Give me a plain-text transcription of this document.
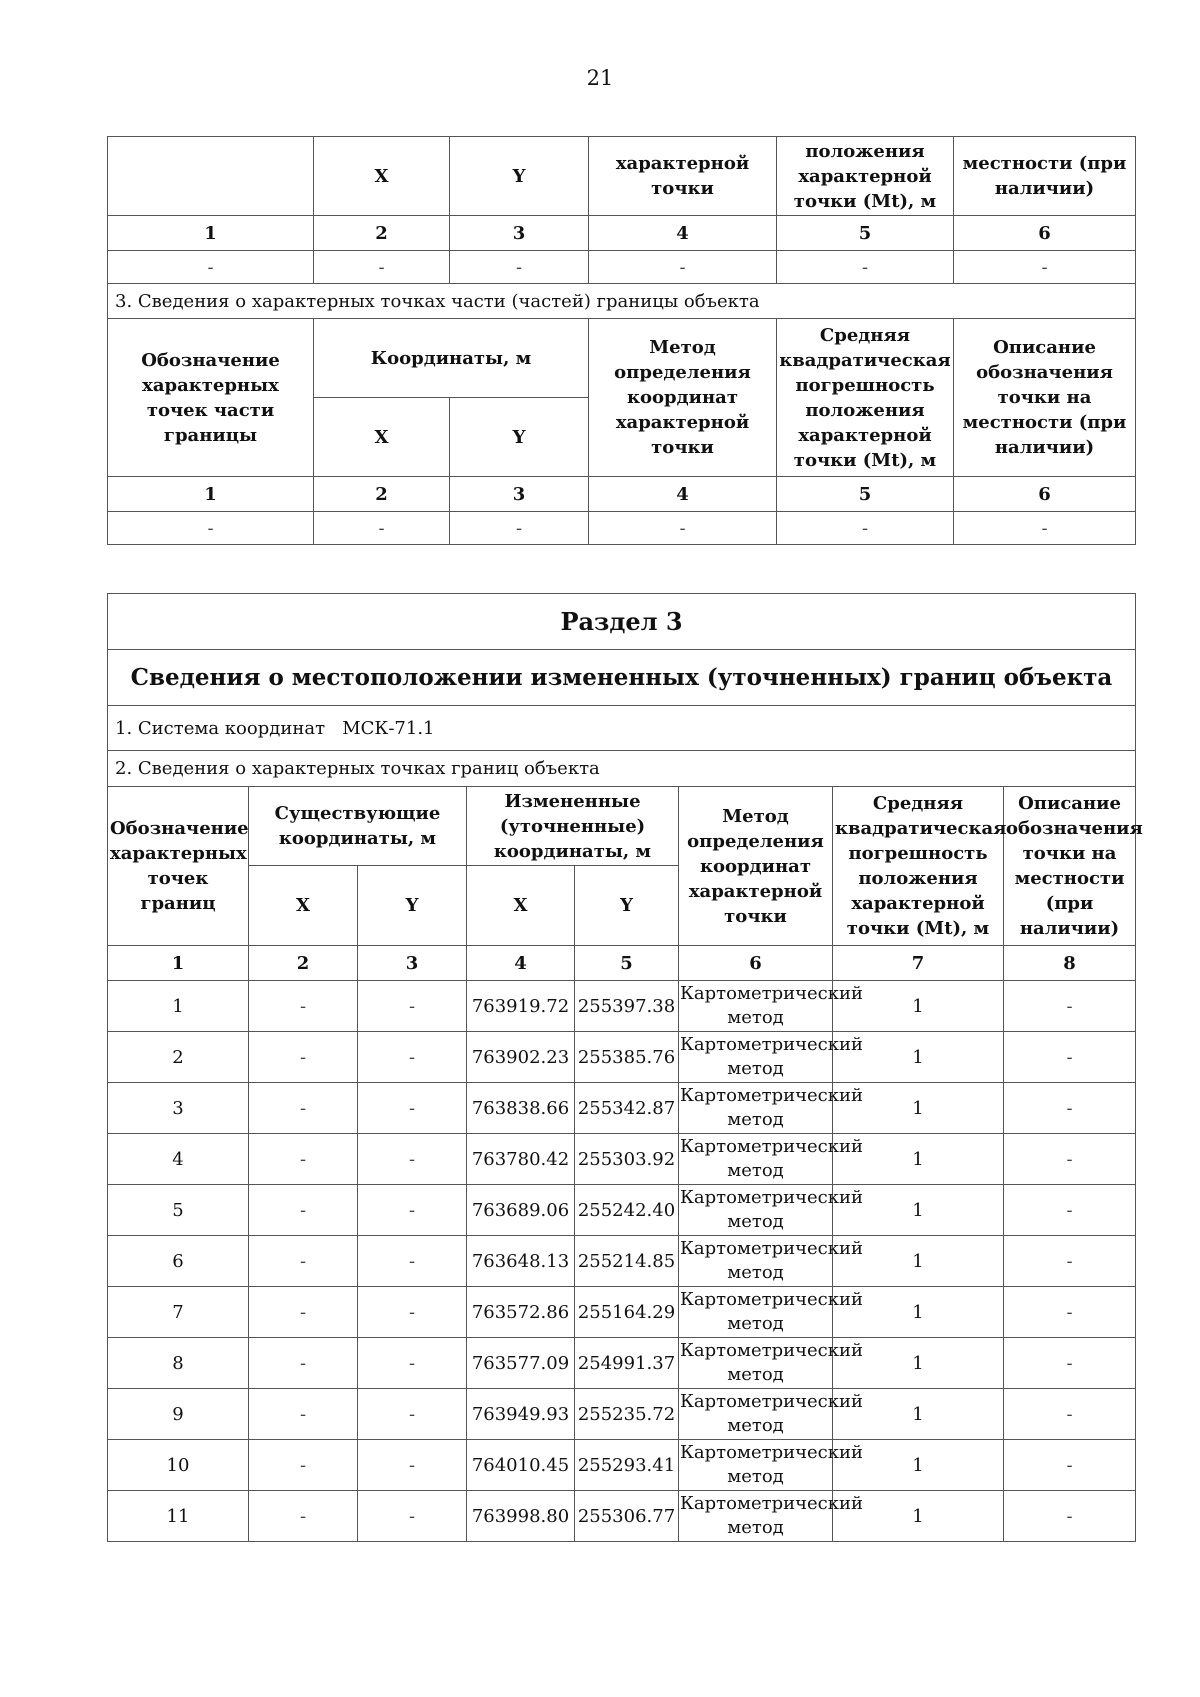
21
	X	Y	характерной точки	положения характерной точки (Mt), м	местности (при наличии)
1	2	3	4	5	6
-	-	-	-	-	-
3. Сведения о характерных точках части (частей) границы объекта					
Обозначение характерных точек части границы	Координаты, м		Метод определения координат характерной точки	Средняя квадратическая погрешность положения характерной точки (Mt), м	Описание обозначения точки на местности (при наличии)
	X	Y			
1	2	3	4	5	6
-	-	-	-	-	-
Раздел 3							
Сведения о местоположении измененных (уточненных) границ объекта							
1. Система координат МСК-71.1							
2. Сведения о характерных точках границ объекта							
Обозначение характерных точек границ	Существующие координаты, м		Измененные (уточненные) координаты, м		Метод определения координат характерной точки	Средняя квадратическая погрешность положения характерной точки (Mt), м	Описание обозначения точки на местности (при наличии)
	X	Y	X	Y			
1	2	3	4	5	6	7	8
1	-	-	763919.72	255397.38	Картометрический метод	1	-
2	-	-	763902.23	255385.76	Картометрический метод	1	-
3	-	-	763838.66	255342.87	Картометрический метод	1	-
4	-	-	763780.42	255303.92	Картометрический метод	1	-
5	-	-	763689.06	255242.40	Картометрический метод	1	-
6	-	-	763648.13	255214.85	Картометрический метод	1	-
7	-	-	763572.86	255164.29	Картометрический метод	1	-
8	-	-	763577.09	254991.37	Картометрический метод	1	-
9	-	-	763949.93	255235.72	Картометрический метод	1	-
10	-	-	764010.45	255293.41	Картометрический метод	1	-
11	-	-	763998.80	255306.77	Картометрический метод	1	-
